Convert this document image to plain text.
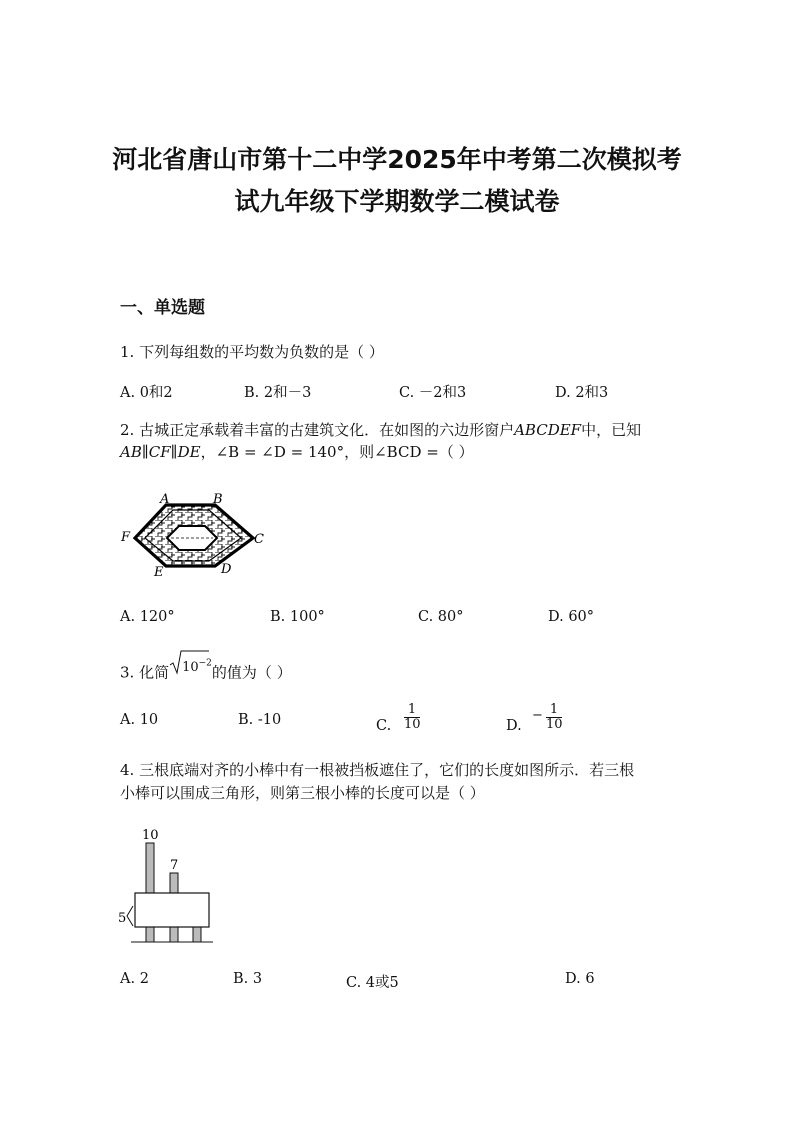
河北省唐山市第十二中学2025年中考第二次模拟考
试九年级下学期数学二模试卷
一、单选题
1. 下列每组数的平均数为负数的是（ ）
A. 0和2	B. 2和－3	C. －2和3	D. 2和3
2. 古城正定承载着丰富的古建筑文化．在如图的六边形窗户ABCDEF中，已知
AB∥CF∥DE，∠B = ∠D = 140°，则∠BCD =（ ）
A	B
C
D
E
F
A. 120°	B. 100°	C. 80°	D. 60°
3. 化简 $10^{-2}$的值为（ ）
A. 10	B. -10	C.
1
10	D.
− 1
10
4. 三根底端对齐的小棒中有一根被挡板遮住了，它们的长度如图所示．若三根
小棒可以围成三角形，则第三根小棒的长度可以是（ ）
10
7
5
A. 2	B. 3	C. 4或5	D. 6
